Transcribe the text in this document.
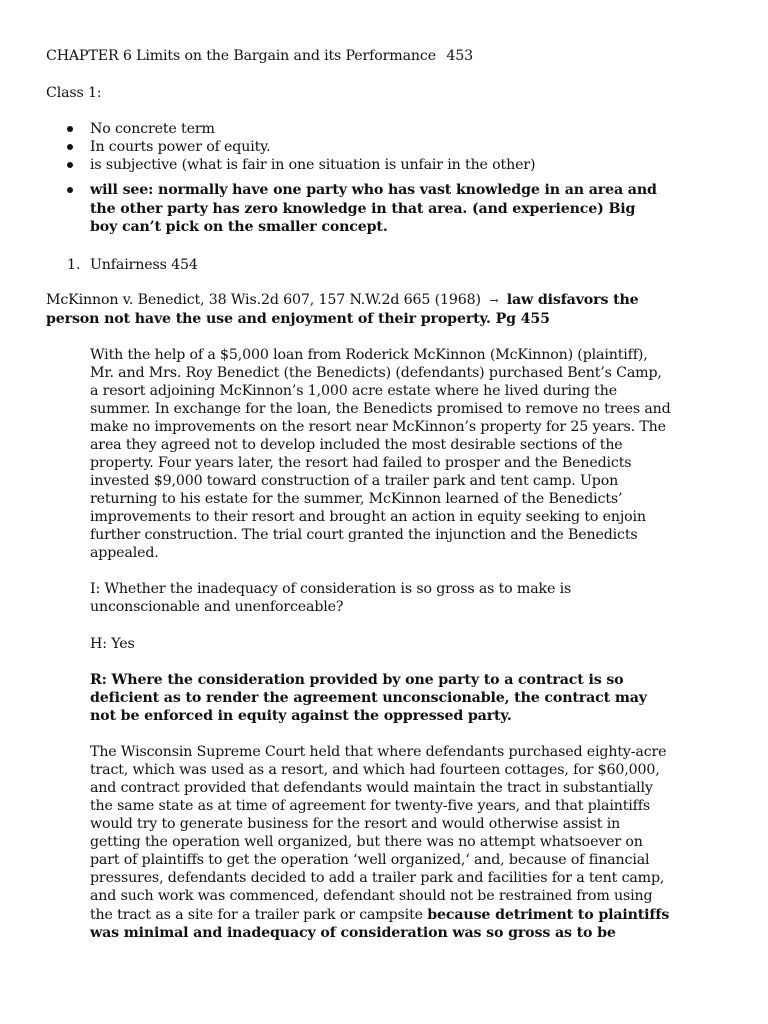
CHAPTER 6 Limits on the Bargain and its Performance 453
Class 1:
No concrete term
In courts power of equity.
is subjective (what is fair in one situation is unfair in the other)
will see: normally have one party who has vast knowledge in an area and
the other party has zero knowledge in that area. (and experience) Big
boy can’t pick on the smaller concept.
1. Unfairness 454
McKinnon v. Benedict, 38 Wis.2d 607, 157 N.W.2d 665 (1968) → law disfavors the
person not have the use and enjoyment of their property. Pg 455
With the help of a $5,000 loan from Roderick McKinnon (McKinnon) (plaintiff),
Mr. and Mrs. Roy Benedict (the Benedicts) (defendants) purchased Bent’s Camp,
a resort adjoining McKinnon’s 1,000 acre estate where he lived during the
summer. In exchange for the loan, the Benedicts promised to remove no trees and
make no improvements on the resort near McKinnon’s property for 25 years. The
area they agreed not to develop included the most desirable sections of the
property. Four years later, the resort had failed to prosper and the Benedicts
invested $9,000 toward construction of a trailer park and tent camp. Upon
returning to his estate for the summer, McKinnon learned of the Benedicts’
improvements to their resort and brought an action in equity seeking to enjoin
further construction. The trial court granted the injunction and the Benedicts
appealed.
I: Whether the inadequacy of consideration is so gross as to make is
unconscionable and unenforceable?
H: Yes
R: Where the consideration provided by one party to a contract is so
deficient as to render the agreement unconscionable, the contract may
not be enforced in equity against the oppressed party.
The Wisconsin Supreme Court held that where defendants purchased eighty-acre
tract, which was used as a resort, and which had fourteen cottages, for $60,000,
and contract provided that defendants would maintain the tract in substantially
the same state as at time of agreement for twenty-five years, and that plaintiffs
would try to generate business for the resort and would otherwise assist in
getting the operation well organized, but there was no attempt whatsoever on
part of plaintiffs to get the operation ‘well organized,‘ and, because of financial
pressures, defendants decided to add a trailer park and facilities for a tent camp,
and such work was commenced, defendant should not be restrained from using
the tract as a site for a trailer park or campsite because detriment to plaintiffs
was minimal and inadequacy of consideration was so gross as to be
